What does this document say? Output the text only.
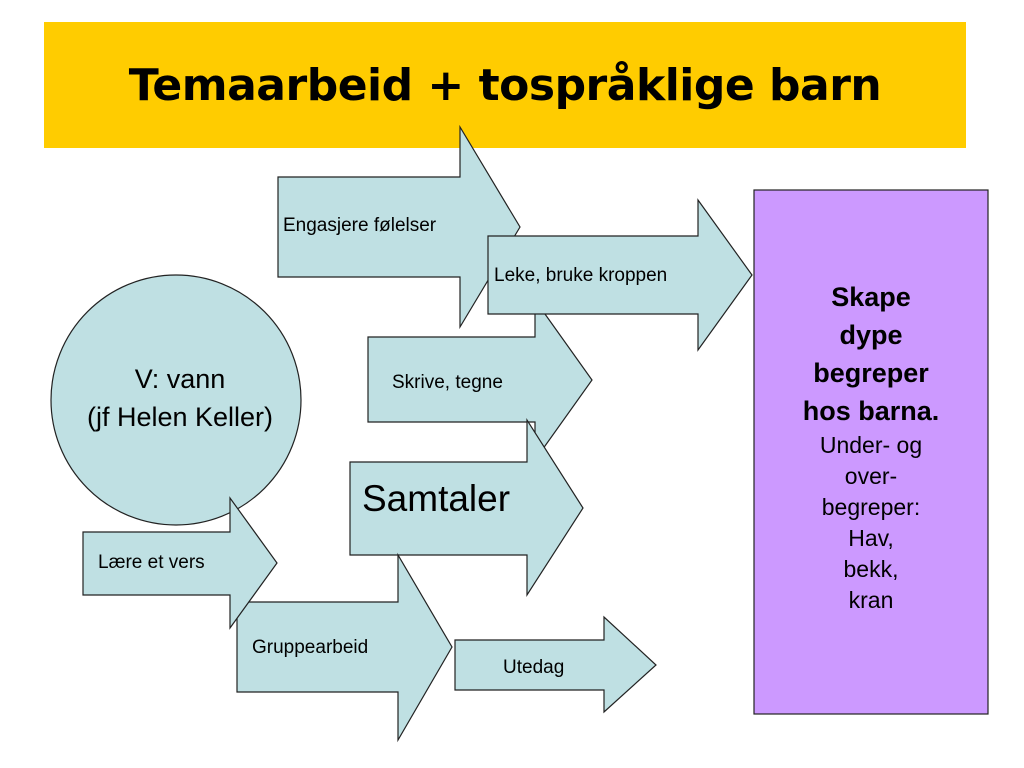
Temaarbeid + tospråklige barn
Engasjere følelser
Leke, bruke kroppen
Skrive, tegne
Samtaler
Lære et vers
Gruppearbeid
Utedag
V: vann
(jf Helen Keller)
Skape
dype
begreper
hos barna.
Under- og
over-
begreper:
Hav,
bekk,
kran
